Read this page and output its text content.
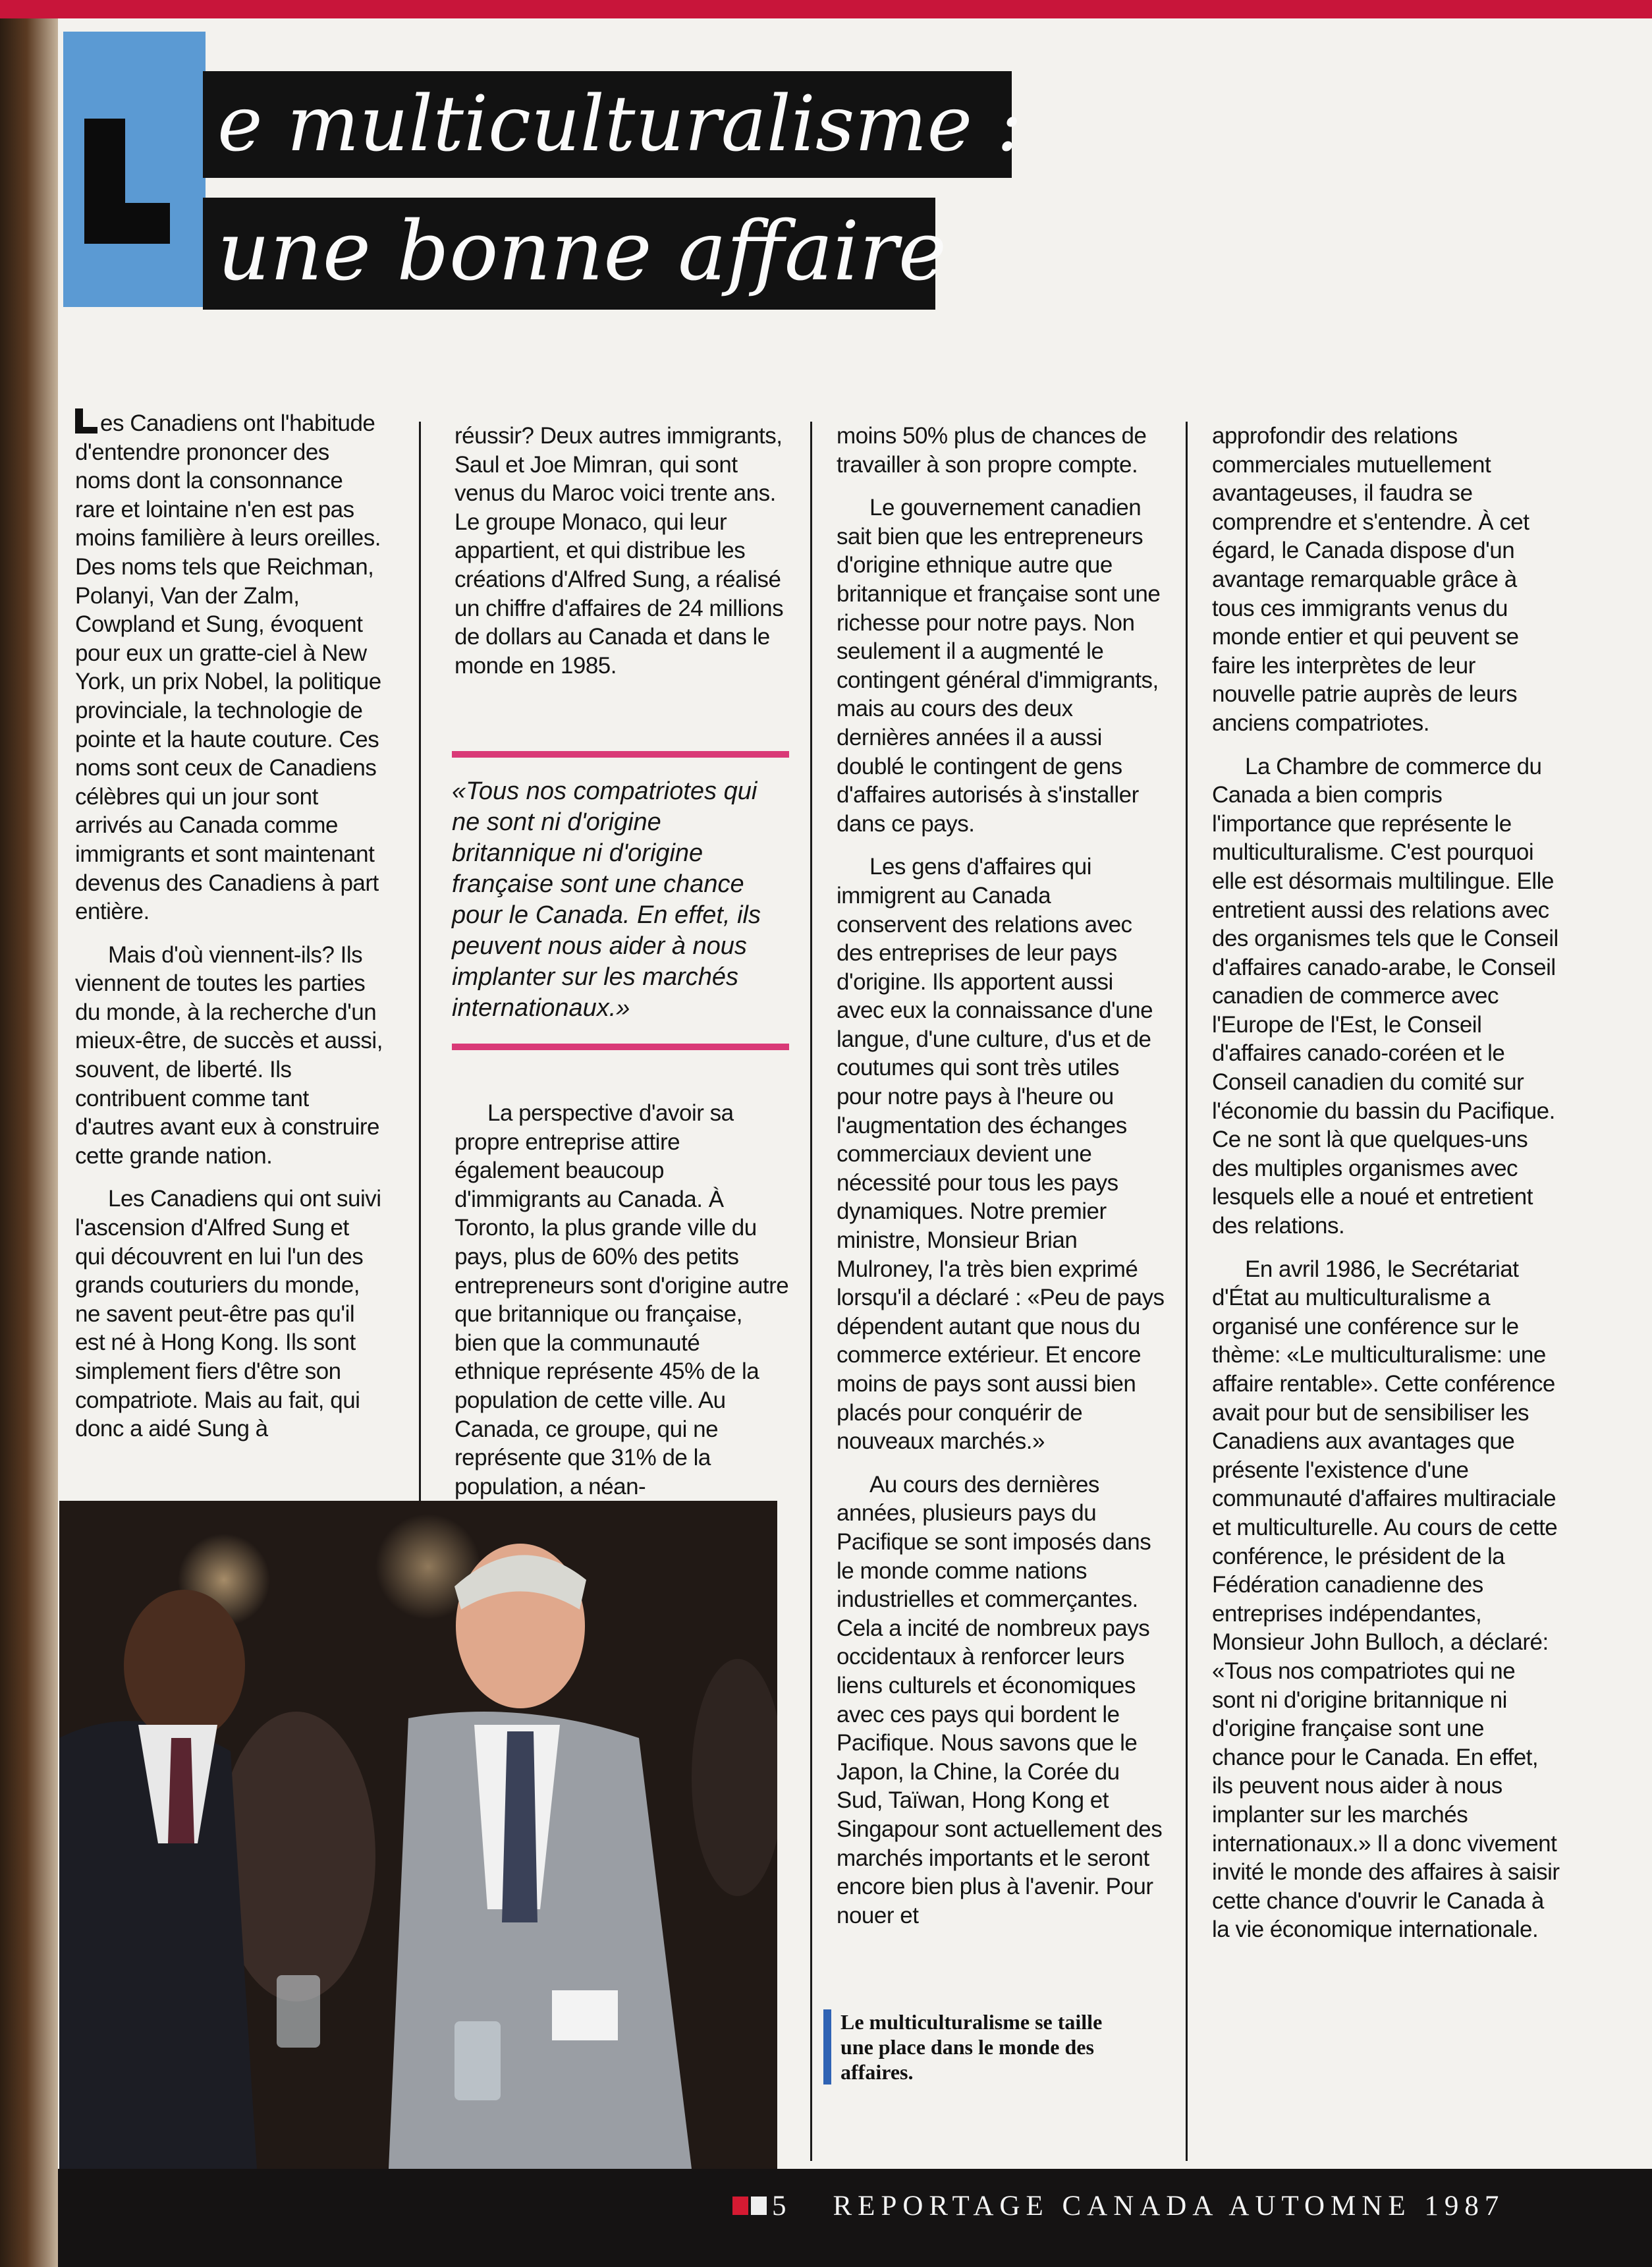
e multiculturalisme :
une bonne affaire

es Canadiens ont l'habitude d'entendre prononcer des noms dont la consonnance rare et lointaine n'en est pas moins familière à leurs oreilles. Des noms tels que Reichman, Polanyi, Van der Zalm, Cowpland et Sung, évoquent pour eux un gratte-ciel à New York, un prix Nobel, la politique provinciale, la technologie de pointe et la haute couture. Ces noms sont ceux de Canadiens célèbres qui un jour sont arrivés au Canada comme immigrants et sont maintenant devenus des Canadiens à part entière.

Mais d'où viennent-ils? Ils viennent de toutes les parties du monde, à la recherche d'un mieux-être, de succès et aussi, souvent, de liberté. Ils contribuent comme tant d'autres avant eux à construire cette grande nation.

Les Canadiens qui ont suivi l'ascension d'Alfred Sung et qui découvrent en lui l'un des grands couturiers du monde, ne savent peut-être pas qu'il est né à Hong Kong. Ils sont simplement fiers d'être son compatriote. Mais au fait, qui donc a aidé Sung à

réussir? Deux autres immigrants, Saul et Joe Mimran, qui sont venus du Maroc voici trente ans. Le groupe Monaco, qui leur appartient, et qui distribue les créations d'Alfred Sung, a réalisé un chiffre d'affaires de 24 millions de dollars au Canada et dans le monde en 1985.

«Tous nos compatriotes qui ne sont ni d'origine britannique ni d'origine française sont une chance pour le Canada. En effet, ils peuvent nous aider à nous implanter sur les marchés internationaux.»

La perspective d'avoir sa propre entreprise attire également beaucoup d'immigrants au Canada. À Toronto, la plus grande ville du pays, plus de 60% des petits entrepreneurs sont d'origine autre que britannique ou française, bien que la communauté ethnique représente 45% de la population de cette ville. Au Canada, ce groupe, qui ne représente que 31% de la population, a néan-

moins 50% plus de chances de travailler à son propre compte.

Le gouvernement canadien sait bien que les entrepreneurs d'origine ethnique autre que britannique et française sont une richesse pour notre pays. Non seulement il a augmenté le contingent général d'immigrants, mais au cours des deux dernières années il a aussi doublé le contingent de gens d'affaires autorisés à s'installer dans ce pays.

Les gens d'affaires qui immigrent au Canada conservent des relations avec des entreprises de leur pays d'origine. Ils apportent aussi avec eux la connaissance d'une langue, d'une culture, d'us et de coutumes qui sont très utiles pour notre pays à l'heure ou l'augmentation des échanges commerciaux devient une nécessité pour tous les pays dynamiques. Notre premier ministre, Monsieur Brian Mulroney, l'a très bien exprimé lorsqu'il a déclaré : «Peu de pays dépendent autant que nous du commerce extérieur. Et encore moins de pays sont aussi bien placés pour conquérir de nouveaux marchés.»

Au cours des dernières années, plusieurs pays du Pacifique se sont imposés dans le monde comme nations industrielles et commerçantes. Cela a incité de nombreux pays occidentaux à renforcer leurs liens culturels et économiques avec ces pays qui bordent le Pacifique. Nous savons que le Japon, la Chine, la Corée du Sud, Taïwan, Hong Kong et Singapour sont actuellement des marchés importants et le seront encore bien plus à l'avenir. Pour nouer et

approfondir des relations commerciales mutuellement avantageuses, il faudra se comprendre et s'entendre. À cet égard, le Canada dispose d'un avantage remarquable grâce à tous ces immigrants venus du monde entier et qui peuvent se faire les interprètes de leur nouvelle patrie auprès de leurs anciens compatriotes.

La Chambre de commerce du Canada a bien compris l'importance que représente le multiculturalisme. C'est pourquoi elle est désormais multilingue. Elle entretient aussi des relations avec des organismes tels que le Conseil d'affaires canado-arabe, le Conseil canadien de commerce avec l'Europe de l'Est, le Conseil d'affaires canado-coréen et le Conseil canadien du comité sur l'économie du bassin du Pacifique. Ce ne sont là que quelques-uns des multiples organismes avec lesquels elle a noué et entretient des relations.

En avril 1986, le Secrétariat d'État au multiculturalisme a organisé une conférence sur le thème: «Le multiculturalisme: une affaire rentable». Cette conférence avait pour but de sensibiliser les Canadiens aux avantages que présente l'existence d'une communauté d'affaires multiraciale et multiculturelle. Au cours de cette conférence, le président de la Fédération canadienne des entreprises indépendantes, Monsieur John Bulloch, a déclaré: «Tous nos compatriotes qui ne sont ni d'origine britannique ni d'origine française sont une chance pour le Canada. En effet, ils peuvent nous aider à nous implanter sur les marchés internationaux.» Il a donc vivement invité le monde des affaires à saisir cette chance d'ouvrir le Canada à la vie économique internationale.

Le multiculturalisme se taille une place dans le monde des affaires.
5 REPORTAGE CANADA AUTOMNE 1987
